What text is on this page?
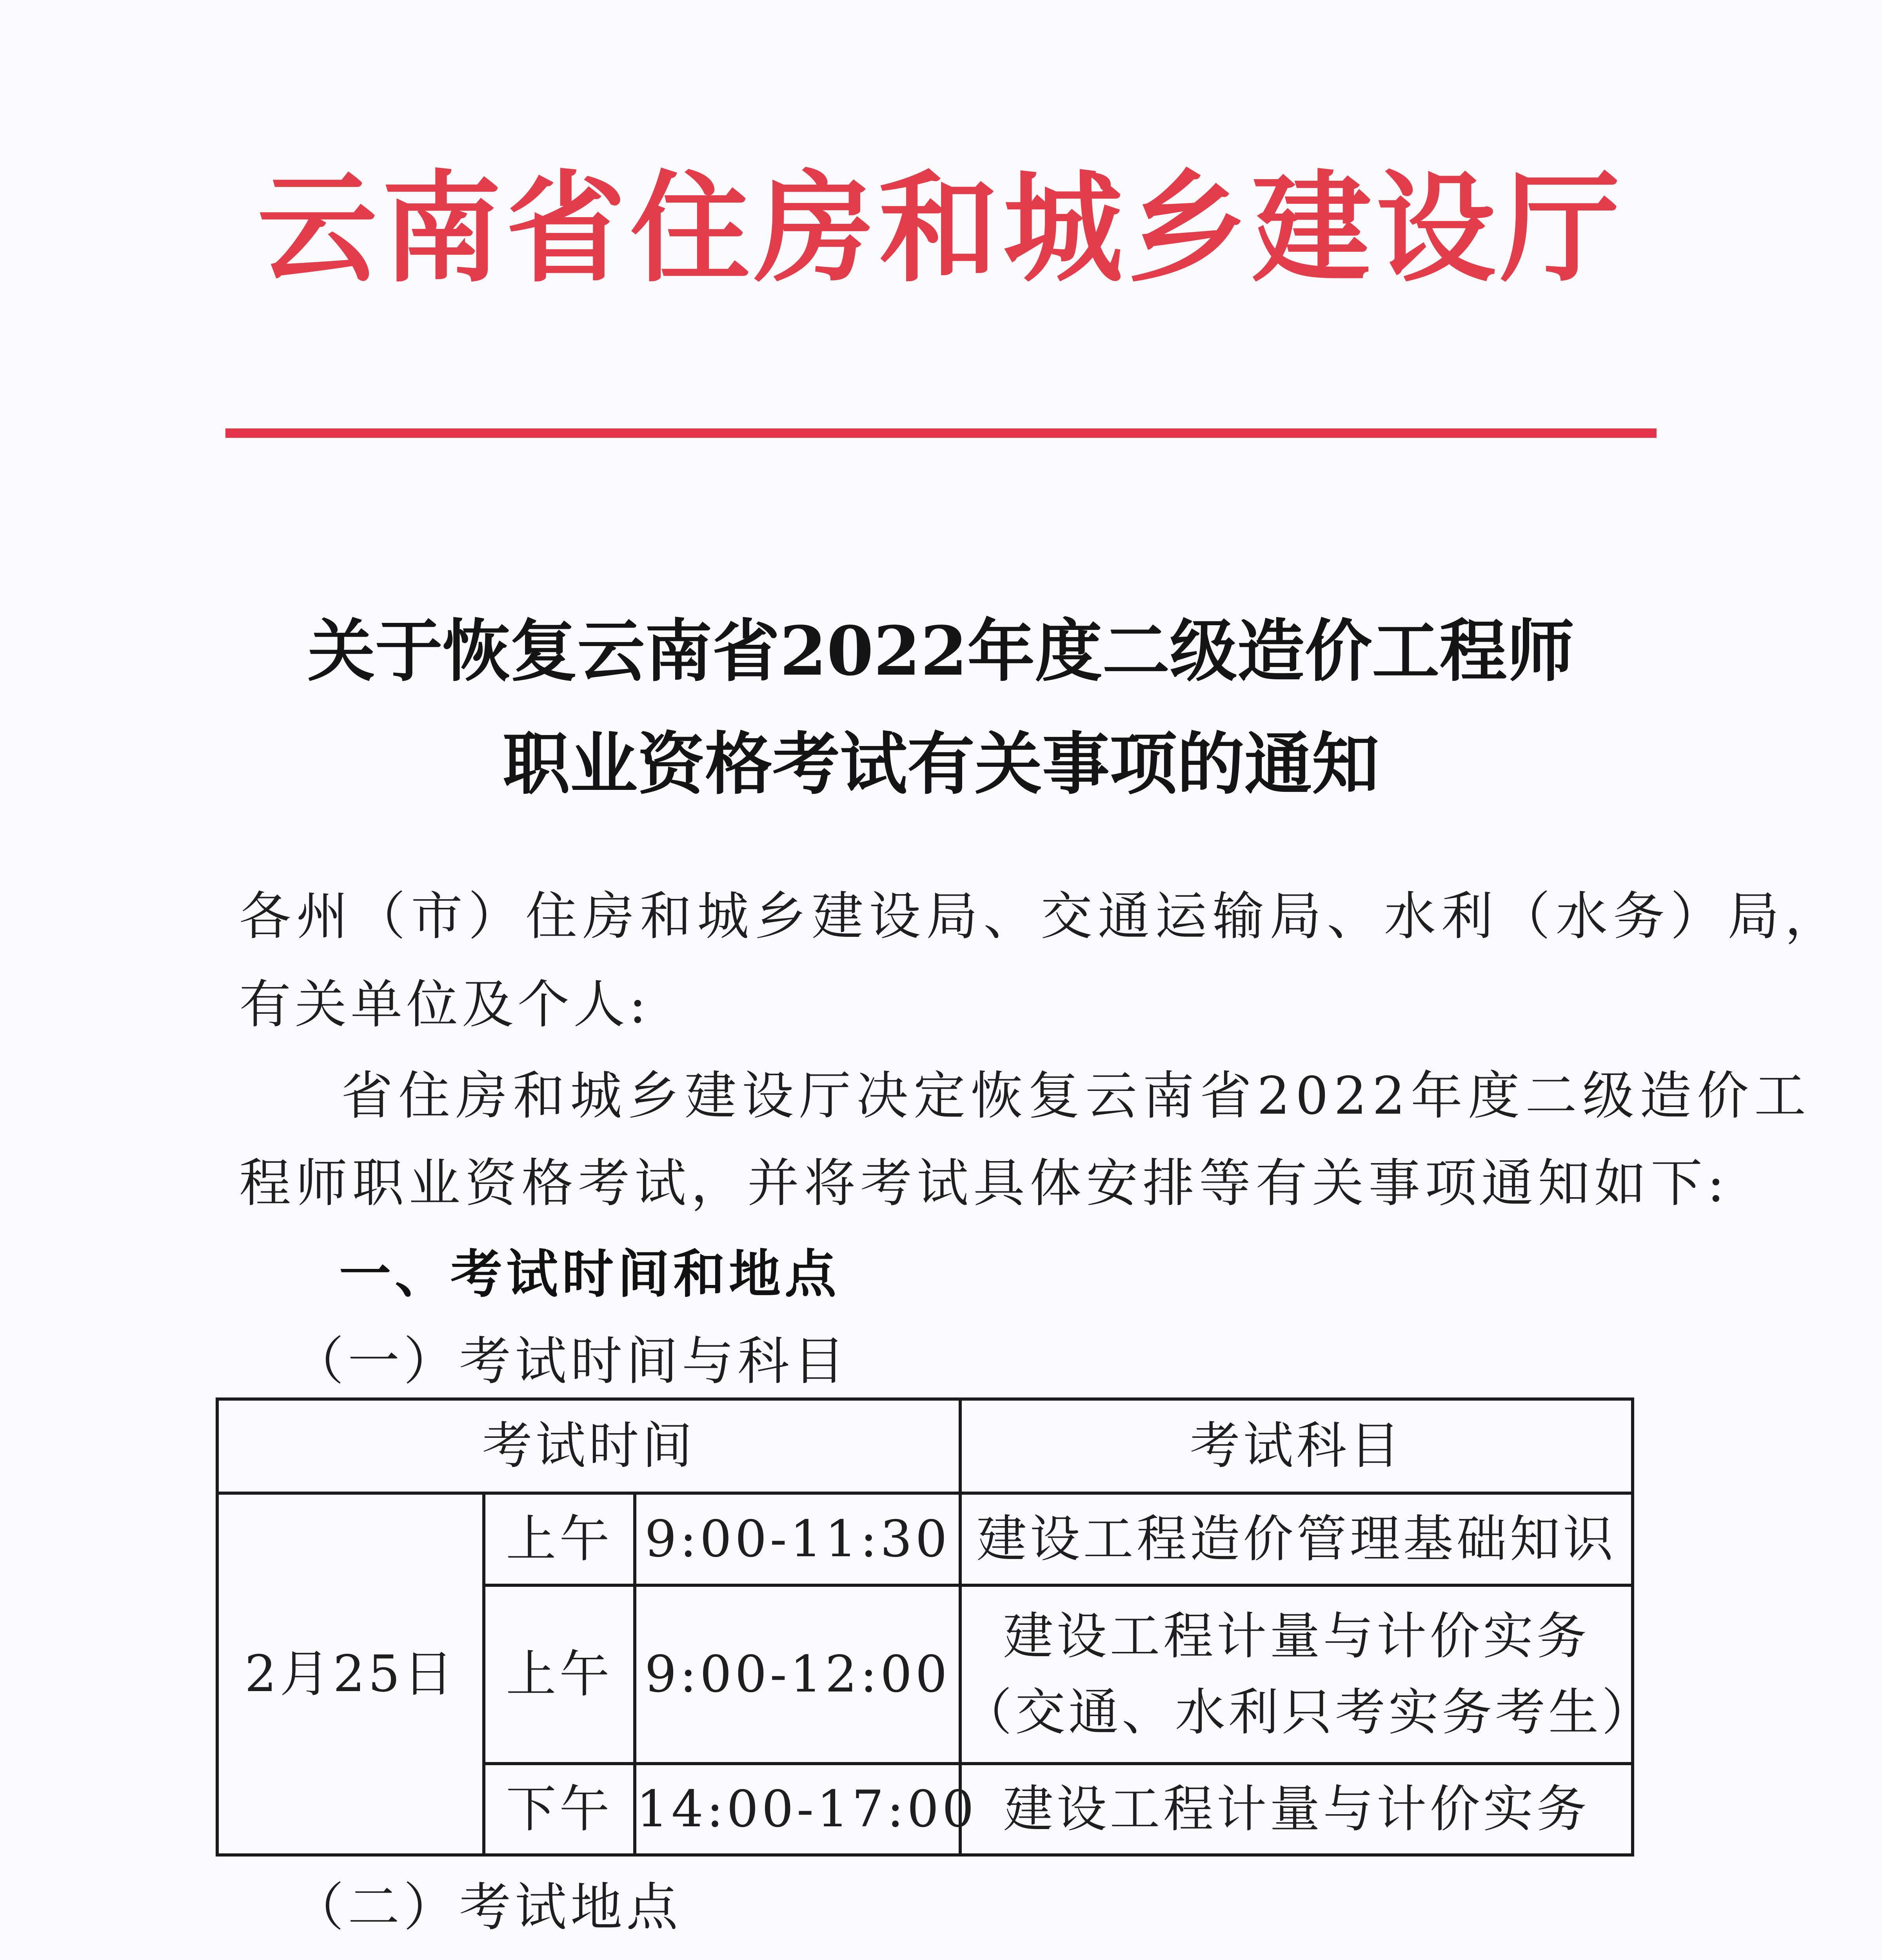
云南省住房和城乡建设厅
关于恢复云南省2022年度二级造价工程师
职业资格考试有关事项的通知
各州（市）住房和城乡建设局、交通运输局、水利（水务）局，
有关单位及个人:
省住房和城乡建设厅决定恢复云南省2022年度二级造价工
程师职业资格考试，并将考试具体安排等有关事项通知如下:
一、考试时间和地点
（一）考试时间与科目
考试时间			考试科目
2月25日	上午	9:00-11:30	建设工程造价管理基础知识
	上午	9:00-12:00	建设工程计量与计价实务
（交通、水利只考实务考生）

	下午	14:00-17:00	建设工程计量与计价实务
（二）考试地点
